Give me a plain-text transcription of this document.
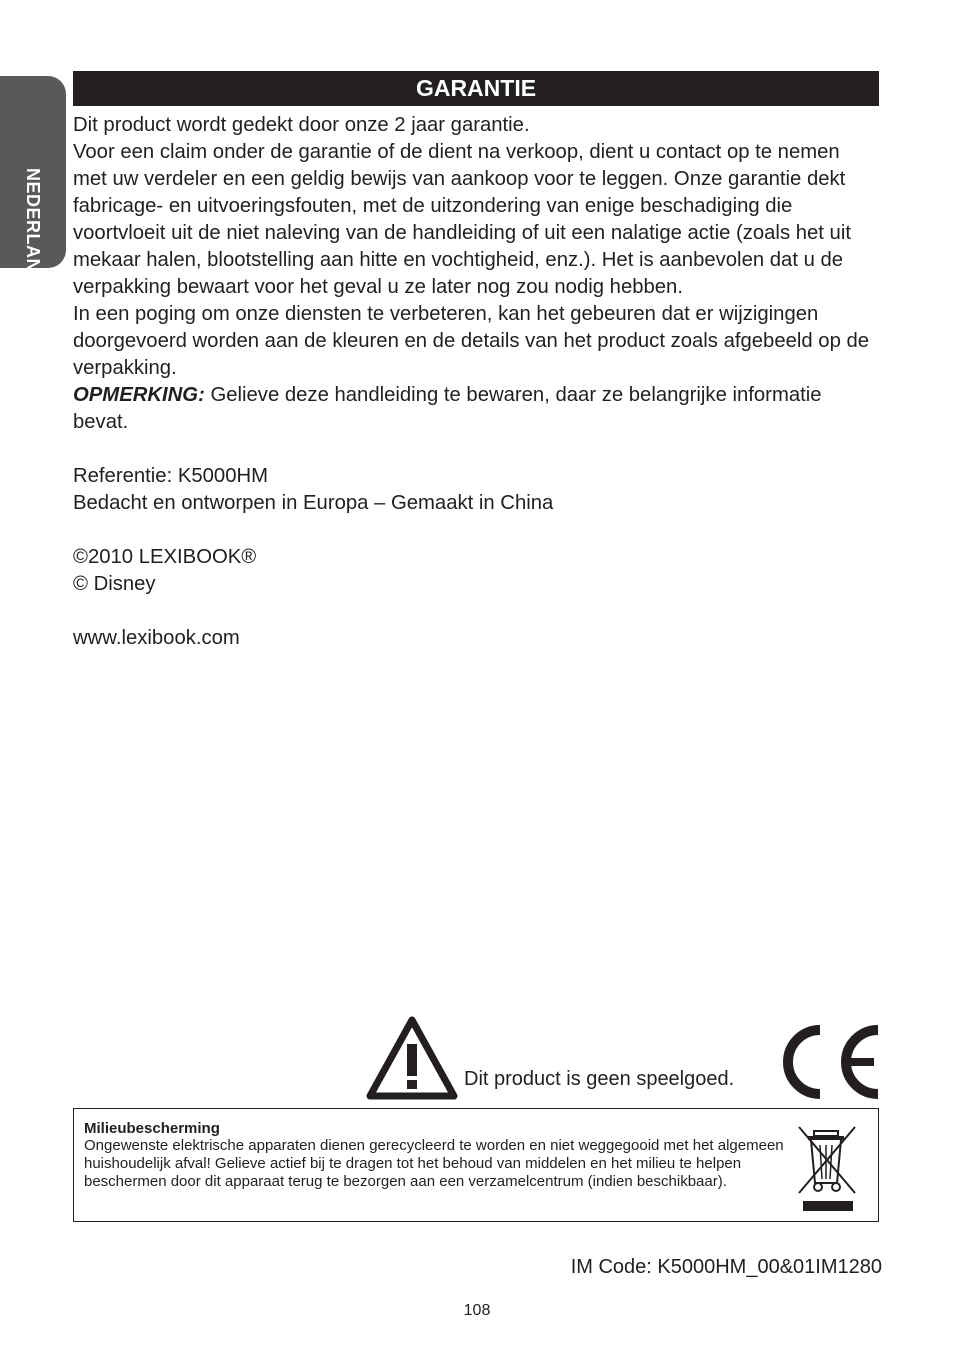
NEDERLANDS
GARANTIE

Dit product wordt gedekt door onze 2 jaar garantie.

Voor een claim onder de garantie of de dient na verkoop, dient u contact op te nemen met uw verdeler en een geldig bewijs van aankoop voor te leggen. Onze garantie dekt fabricage- en uitvoeringsfouten, met de uitzondering van enige beschadiging die voortvloeit uit de niet naleving van de handleiding of uit een nalatige actie (zoals het uit mekaar halen, blootstelling aan hitte en vochtigheid, enz.). Het is aanbevolen dat u de verpakking bewaart voor het geval u ze later nog zou nodig hebben.

In een poging om onze diensten te verbeteren, kan het gebeuren dat er wijzigingen doorgevoerd worden aan de kleuren en de details van het product zoals afgebeeld op de verpakking.

OPMERKING: Gelieve deze handleiding te bewaren, daar ze belangrijke informatie bevat.

Referentie: K5000HM

Bedacht en ontworpen in Europa – Gemaakt in China

©2010 LEXIBOOK®

© Disney

www.lexibook.com

Dit product is geen speelgoed.
Milieubescherming
Ongewenste elektrische apparaten dienen gerecycleerd te worden en niet weggegooid met het algemeen huishoudelijk afval! Gelieve actief bij te dragen tot het behoud van middelen en het milieu te helpen beschermen door dit apparaat terug te bezorgen aan een verzamelcentrum (indien beschikbaar).
IM Code: K5000HM_00&01IM1280
108
